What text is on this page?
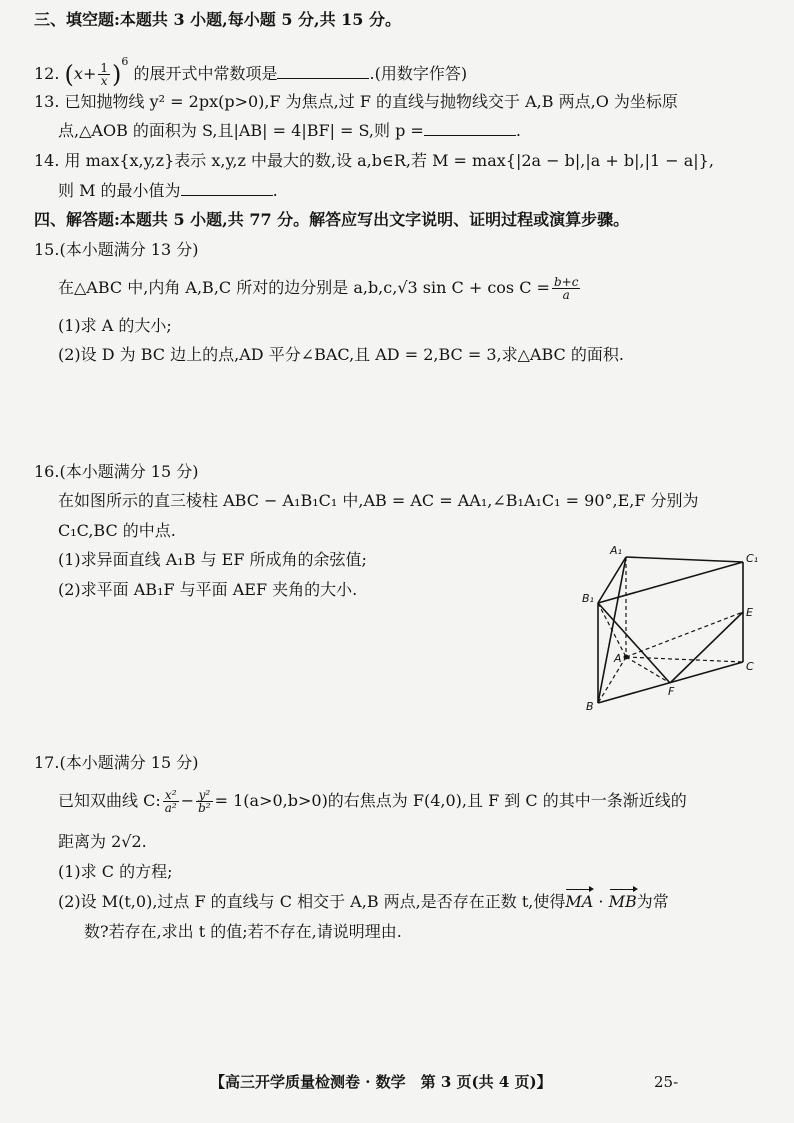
三、填空题:本题共 3 小题,每小题 5 分,共 15 分。
12. $(x+ \frac{1}{x} )^6$ 的展开式中常数项是	.(用数字作答)
13. 已知抛物线 y² = 2px(p>0),F 为焦点,过 F 的直线与抛物线交于 A,B 两点,O 为坐标原
点,△AOB 的面积为 S,且|AB| = 4|BF| = S,则 p =	.
14. 用 max{x,y,z}表示 x,y,z 中最大的数,设 a,b∈R,若 M = max{|2a − b|,|a + b|,|1 − a|},
则 M 的最小值为	.
四、解答题:本题共 5 小题,共 77 分。解答应写出文字说明、证明过程或演算步骤。
15.(本小题满分 13 分)
在△ABC 中,内角 A,B,C 所对的边分别是 a,b,c,√3 $\sin C + \cos C = \frac{b+c}{a}$
(1)求 A 的大小;
(2)设 D 为 BC 边上的点,AD 平分∠BAC,且 AD = 2,BC = 3,求△ABC 的面积.
16.(本小题满分 15 分)
在如图所示的直三棱柱 ABC − A₁B₁C₁ 中,AB = AC = AA₁,∠B₁A₁C₁ = 90°,E,F 分别为
C₁C,BC 的中点.
(1)求异面直线 A₁B 与 EF 所成角的余弦值;
(2)求平面 AB₁F 与平面 AEF 夹角的大小.
A₁
C₁
B₁
E
A
C
F
B
17.(本小题满分 15 分)
已知双曲线 C: $\frac{\text{x²}}{\text{a²}} - \frac{\text{y²}}{\text{b²}} = 1(a>0,b>0)$的右焦点为 F(4,0),且 F 到 C 的其中一条渐近线的
距离为 2√2.
(1)求 C 的方程;
(2)设 M(t,0),过点 F 的直线与 C 相交于 A,B 两点,是否存在正数 t,使得MA · MB为常
数?若存在,求出 t 的值;若不存在,请说明理由.
【高三开学质量检测卷 · 数学　第 3 页(共 4 页)】	25-
